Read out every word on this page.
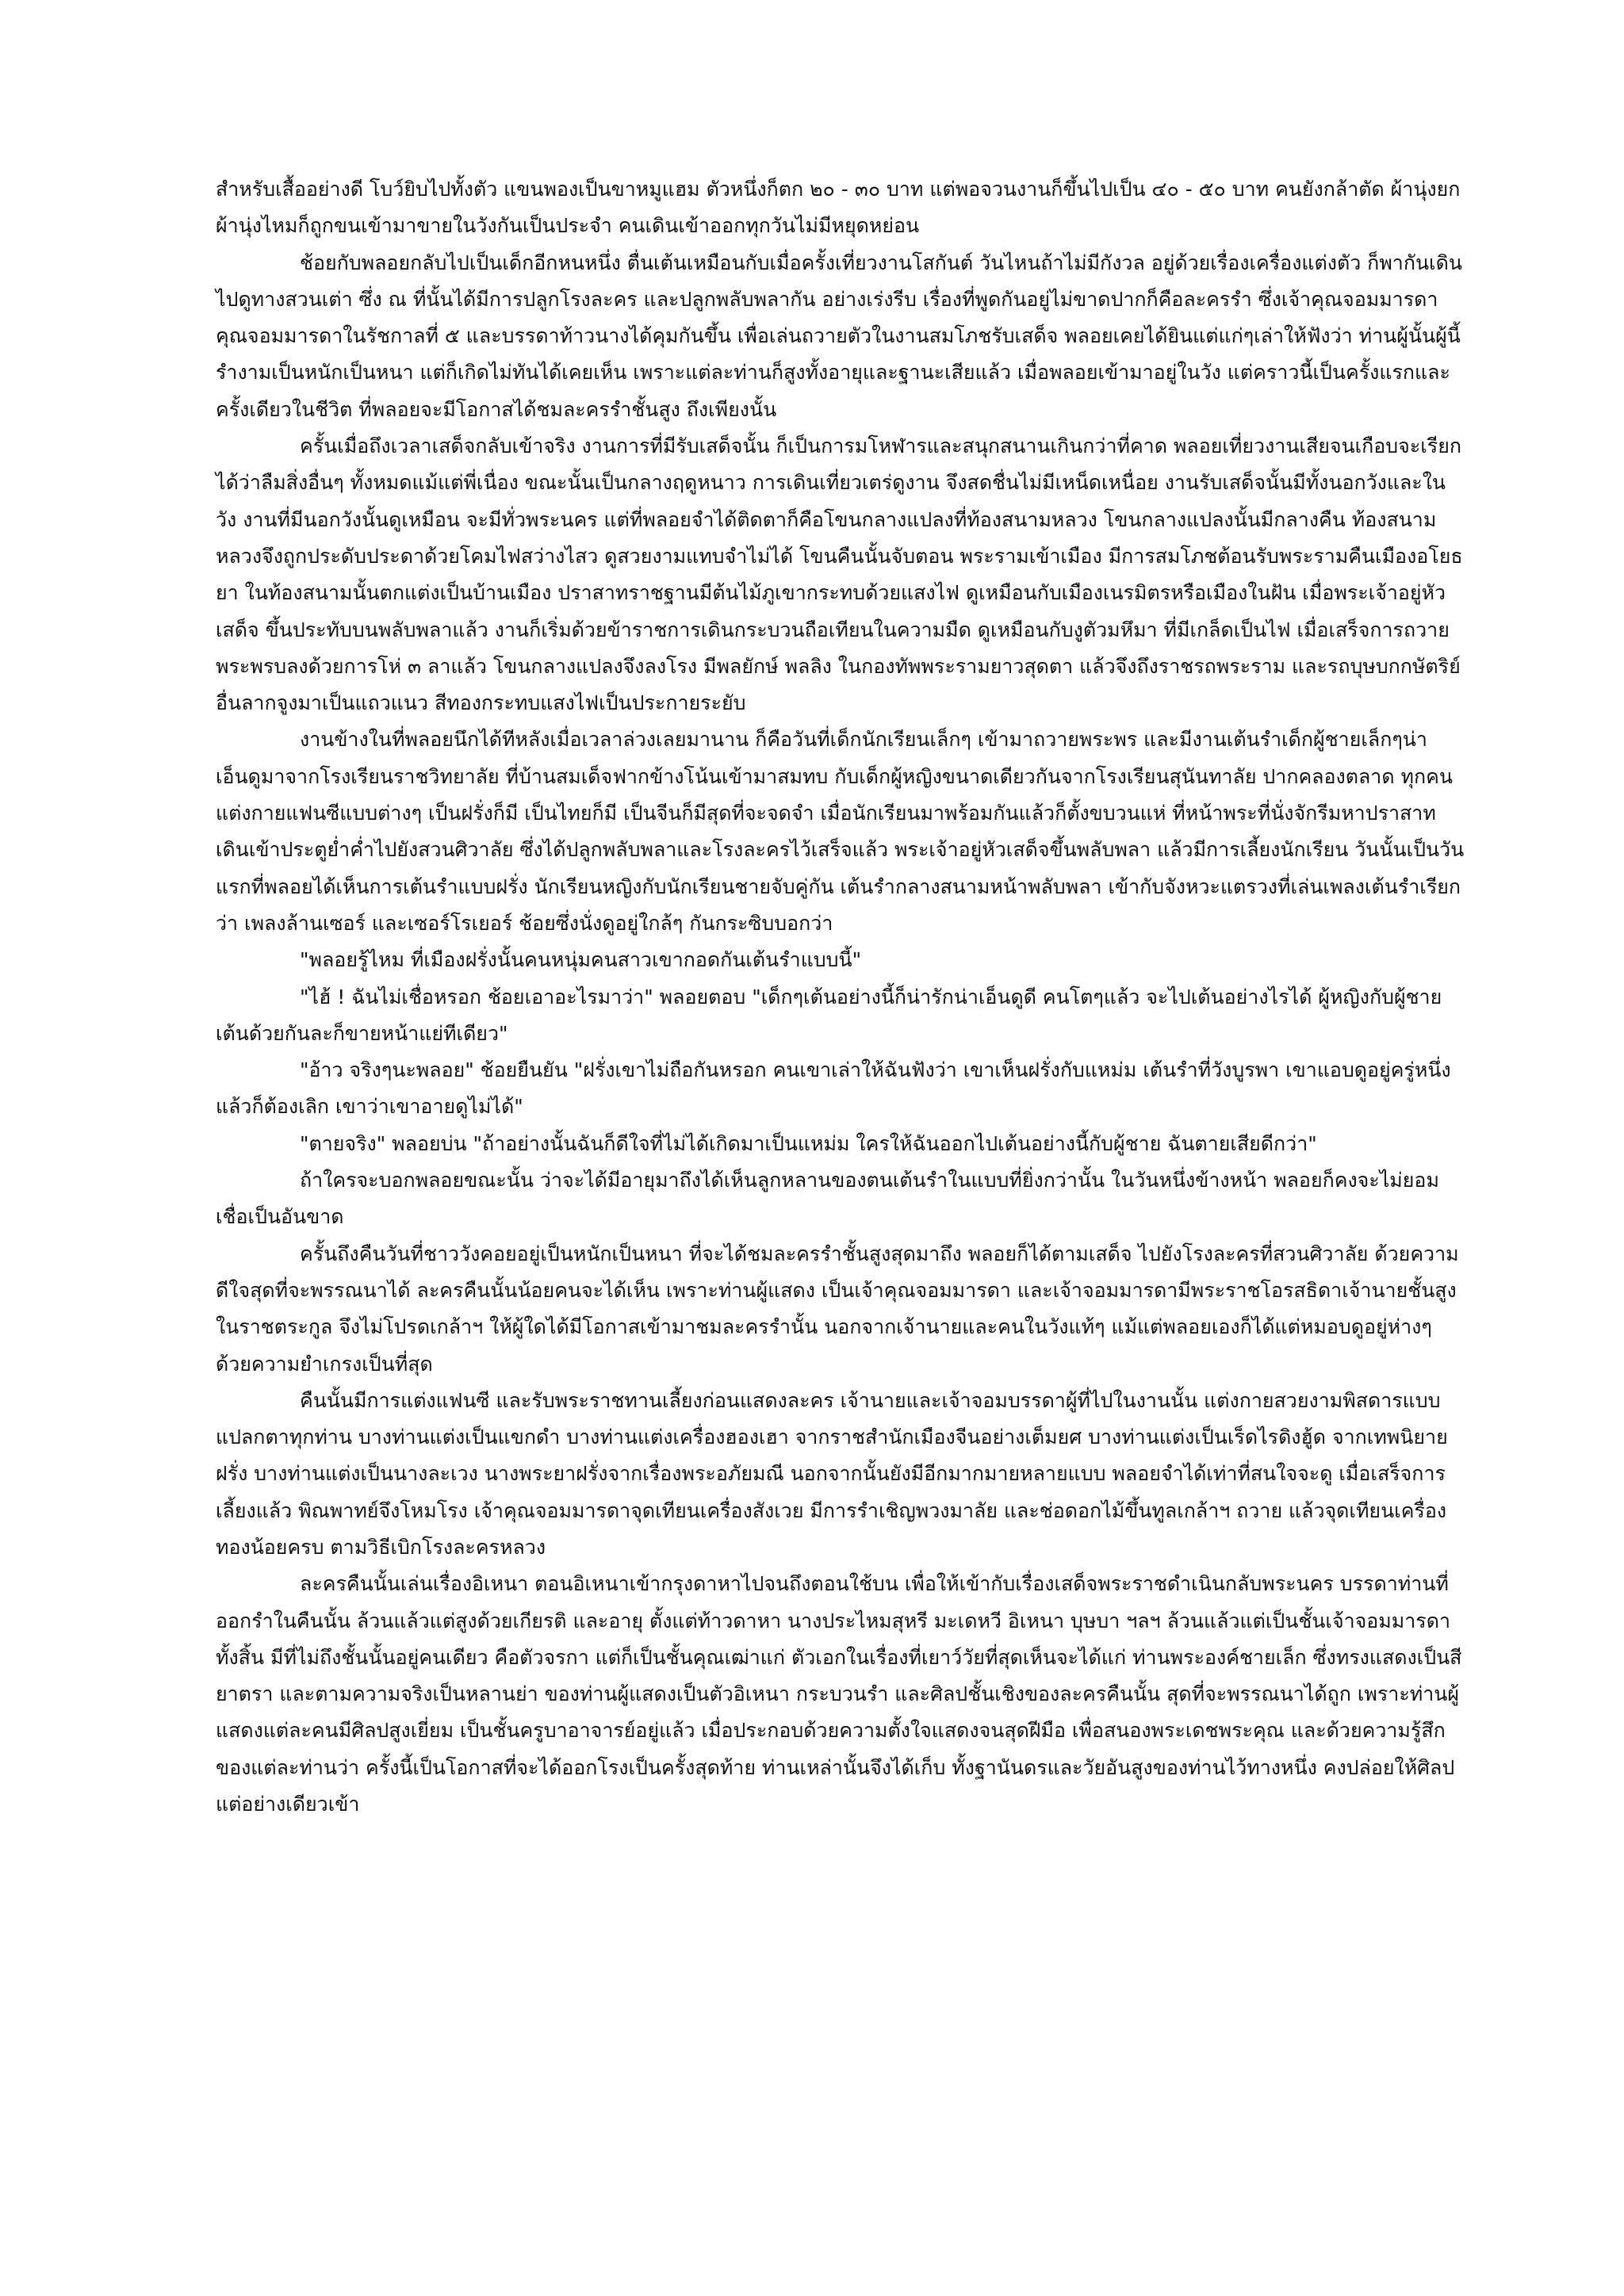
สำหรับเสื้ออย่างดี โบว์ยิบไปทั้งตัว แขนพองเป็นขาหมูแฮม ตัวหนึ่งก็ตก ๒๐ - ๓๐ บาท แต่พอจวนงานก็ขึ้นไปเป็น ๔๐ - ๕๐ บาท คนยังกล้าตัด ผ้านุ่งยกผ้านุ่งไหมก็ถูกขนเข้ามาขายในวังกันเป็นประจำ คนเดินเข้าออกทุกวันไม่มีหยุดหย่อน

ช้อยกับพลอยกลับไปเป็นเด็กอีกหนหนึ่ง ตื่นเต้นเหมือนกับเมื่อครั้งเที่ยวงานโสกันต์ วันไหนถ้าไม่มีกังวล อยู่ด้วยเรื่องเครื่องแต่งตัว ก็พากันเดินไปดูทางสวนเต่า ซึ่ง ณ ที่นั้นได้มีการปลูกโรงละคร และปลูกพลับพลากัน อย่างเร่งรีบ เรื่องที่พูดกันอยู่ไม่ขาดปากก็คือละครรำ ซึ่งเจ้าคุณจอมมารดา คุณจอมมารดาในรัชกาลที่ ๕ และบรรดาท้าวนางได้คุมกันขึ้น เพื่อเล่นถวายตัวในงานสมโภชรับเสด็จ พลอยเคยได้ยินแต่แก่ๆเล่าให้ฟังว่า ท่านผู้นั้นผู้นี้รำงามเป็นหนักเป็นหนา แต่ก็เกิดไม่ทันได้เคยเห็น เพราะแต่ละท่านก็สูงทั้งอายุและฐานะเสียแล้ว เมื่อพลอยเข้ามาอยู่ในวัง แต่คราวนี้เป็นครั้งแรกและครั้งเดียวในชีวิต ที่พลอยจะมีโอกาสได้ชมละครรำชั้นสูง ถึงเพียงนั้น

ครั้นเมื่อถึงเวลาเสด็จกลับเข้าจริง งานการที่มีรับเสด็จนั้น ก็เป็นการมโหฬารและสนุกสนานเกินกว่าที่คาด พลอยเที่ยวงานเสียจนเกือบจะเรียกได้ว่าลืมสิ่งอื่นๆ ทั้งหมดแม้แต่พี่เนื่อง ขณะนั้นเป็นกลางฤดูหนาว การเดินเที่ยวเตร่ดูงาน จึงสดชื่นไม่มีเหน็ดเหนื่อย งานรับเสด็จนั้นมีทั้งนอกวังและในวัง งานที่มีนอกวังนั้นดูเหมือน จะมีทั่วพระนคร แต่ที่พลอยจำได้ติดตาก็คือโขนกลางแปลงที่ท้องสนามหลวง โขนกลางแปลงนั้นมีกลางคืน ท้องสนามหลวงจึงถูกประดับประดาด้วยโคมไฟสว่างไสว ดูสวยงามแทบจำไม่ได้ โขนคืนนั้นจับตอน พระรามเข้าเมือง มีการสมโภชต้อนรับพระรามคืนเมืองอโยธยา ในท้องสนามนั้นตกแต่งเป็นบ้านเมือง ปราสาทราชฐานมีต้นไม้ภูเขากระทบด้วยแสงไฟ ดูเหมือนกับเมืองเนรมิตรหรือเมืองในฝัน เมื่อพระเจ้าอยู่หัวเสด็จ ขึ้นประทับบนพลับพลาแล้ว งานก็เริ่มด้วยข้าราชการเดินกระบวนถือเทียนในความมืด ดูเหมือนกับงูตัวมหึมา ที่มีเกล็ดเป็นไฟ เมื่อเสร็จการถวายพระพรบลงด้วยการโห่ ๓ ลาแล้ว โขนกลางแปลงจึงลงโรง มีพลยักษ์ พลลิง ในกองทัพพระรามยาวสุดตา แล้วจึงถึงราชรถพระราม และรถบุษบกกษัตริย์อื่นลากจูงมาเป็นแถวแนว สีทองกระทบแสงไฟเป็นประกายระยับ

งานข้างในที่พลอยนึกได้ทีหลังเมื่อเวลาล่วงเลยมานาน ก็คือวันที่เด็กนักเรียนเล็กๆ เข้ามาถวายพระพร และมีงานเต้นรำเด็กผู้ชายเล็กๆน่าเอ็นดูมาจากโรงเรียนราชวิทยาลัย ที่บ้านสมเด็จฟากข้างโน้นเข้ามาสมทบ กับเด็กผู้หญิงขนาดเดียวกันจากโรงเรียนสุนันทาลัย ปากคลองตลาด ทุกคนแต่งกายแฟนซีแบบต่างๆ เป็นฝรั่งก็มี เป็นไทยก็มี เป็นจีนก็มีสุดที่จะจดจำ เมื่อนักเรียนมาพร้อมกันแล้วก็ตั้งขบวนแห่ ที่หน้าพระที่นั่งจักรีมหาปราสาท เดินเข้าประตูย่ำค่ำไปยังสวนศิวาลัย ซึ่งได้ปลูกพลับพลาและโรงละครไว้เสร็จแล้ว พระเจ้าอยู่หัวเสด็จขึ้นพลับพลา แล้วมีการเลี้ยงนักเรียน วันนั้นเป็นวันแรกที่พลอยได้เห็นการเต้นรำแบบฝรั่ง นักเรียนหญิงกับนักเรียนชายจับคู่กัน เต้นรำกลางสนามหน้าพลับพลา เข้ากับจังหวะแตรวงที่เล่นเพลงเต้นรำเรียกว่า เพลงล้านเซอร์ และเซอร์โรเยอร์ ช้อยซึ่งนั่งดูอยู่ใกล้ๆ กันกระซิบบอกว่า

"พลอยรู้ไหม ที่เมืองฝรั่งนั้นคนหนุ่มคนสาวเขากอดกันเต้นรำแบบนี้"

"ไฮ้ ! ฉันไม่เชื่อหรอก ช้อยเอาอะไรมาว่า" พลอยตอบ "เด็กๆเต้นอย่างนี้ก็น่ารักน่าเอ็นดูดี คนโตๆแล้ว จะไปเต้นอย่างไรได้ ผู้หญิงกับผู้ชายเต้นด้วยกันละก็ขายหน้าแย่ทีเดียว"

"อ้าว จริงๆนะพลอย" ช้อยยืนยัน "ฝรั่งเขาไม่ถือกันหรอก คนเขาเล่าให้ฉันฟังว่า เขาเห็นฝรั่งกับแหม่ม เต้นรำที่วังบูรพา เขาแอบดูอยู่ครู่หนึ่ง แล้วก็ต้องเลิก เขาว่าเขาอายดูไม่ได้"

"ตายจริง" พลอยบ่น "ถ้าอย่างนั้นฉันก็ดีใจที่ไม่ได้เกิดมาเป็นแหม่ม ใครให้ฉันออกไปเต้นอย่างนี้กับผู้ชาย ฉันตายเสียดีกว่า"

ถ้าใครจะบอกพลอยขณะนั้น ว่าจะได้มีอายุมาถึงได้เห็นลูกหลานของตนเต้นรำในแบบที่ยิ่งกว่านั้น ในวันหนึ่งข้างหน้า พลอยก็คงจะไม่ยอมเชื่อเป็นอันขาด

ครั้นถึงคืนวันที่ชาววังคอยอยู่เป็นหนักเป็นหนา ที่จะได้ชมละครรำชั้นสูงสุดมาถึง พลอยก็ได้ตามเสด็จ ไปยังโรงละครที่สวนศิวาลัย ด้วยความดีใจสุดที่จะพรรณนาได้ ละครคืนนั้นน้อยคนจะได้เห็น เพราะท่านผู้แสดง เป็นเจ้าคุณจอมมารดา และเจ้าจอมมารดามีพระราชโอรสธิดาเจ้านายชั้นสูงในราชตระกูล จึงไม่โปรดเกล้าฯ ให้ผู้ใดได้มีโอกาสเข้ามาชมละครรำนั้น นอกจากเจ้านายและคนในวังแท้ๆ แม้แต่พลอยเองก็ได้แต่หมอบดูอยู่ห่างๆ ด้วยความยำเกรงเป็นที่สุด

คืนนั้นมีการแต่งแฟนซี และรับพระราชทานเลี้ยงก่อนแสดงละคร เจ้านายและเจ้าจอมบรรดาผู้ที่ไปในงานนั้น แต่งกายสวยงามพิสดารแบบแปลกตาทุกท่าน บางท่านแต่งเป็นแขกดำ บางท่านแต่งเครื่องฮองเฮา จากราชสำนักเมืองจีนอย่างเต็มยศ บางท่านแต่งเป็นเร็ดไรดิงฮู้ด จากเทพนิยายฝรั่ง บางท่านแต่งเป็นนางละเวง นางพระยาฝรั่งจากเรื่องพระอภัยมณี นอกจากนั้นยังมีอีกมากมายหลายแบบ พลอยจำได้เท่าที่สนใจจะดู เมื่อเสร็จการเลี้ยงแล้ว พิณพาทย์จึงโหมโรง เจ้าคุณจอมมารดาจุดเทียนเครื่องสังเวย มีการรำเชิญพวงมาลัย และช่อดอกไม้ขึ้นทูลเกล้าฯ ถวาย แล้วจุดเทียนเครื่องทองน้อยครบ ตามวิธีเบิกโรงละครหลวง

ละครคืนนั้นเล่นเรื่องอิเหนา ตอนอิเหนาเข้ากรุงดาหาไปจนถึงตอนใช้บน เพื่อให้เข้ากับเรื่องเสด็จพระราชดำเนินกลับพระนคร บรรดาท่านที่ออกรำในคืนนั้น ล้วนแล้วแต่สูงด้วยเกียรติ และอายุ ตั้งแต่ท้าวดาหา นางประไหมสุหรี มะเดหวี อิเหนา บุษบา ฯลฯ ล้วนแล้วแต่เป็นชั้นเจ้าจอมมารดาทั้งสิ้น มีที่ไม่ถึงชั้นนั้นอยู่คนเดียว คือตัวจรกา แต่ก็เป็นชั้นคุณเฒ่าแก่ ตัวเอกในเรื่องที่เยาว์วัยที่สุดเห็นจะได้แก่ ท่านพระองค์ชายเล็ก ซึ่งทรงแสดงเป็นสียาตรา และตามความจริงเป็นหลานย่า ของท่านผู้แสดงเป็นตัวอิเหนา กระบวนรำ และศิลปชั้นเชิงของละครคืนนั้น สุดที่จะพรรณนาได้ถูก เพราะท่านผู้แสดงแต่ละคนมีศิลปสูงเยี่ยม เป็นชั้นครูบาอาจารย์อยู่แล้ว เมื่อประกอบด้วยความตั้งใจแสดงจนสุดฝีมือ เพื่อสนองพระเดชพระคุณ และด้วยความรู้สึกของแต่ละท่านว่า ครั้งนี้เป็นโอกาสที่จะได้ออกโรงเป็นครั้งสุดท้าย ท่านเหล่านั้นจึงได้เก็บ ทั้งฐานันดรและวัยอันสูงของท่านไว้ทางหนึ่ง คงปล่อยให้ศิลปแต่อย่างเดียวเข้า
